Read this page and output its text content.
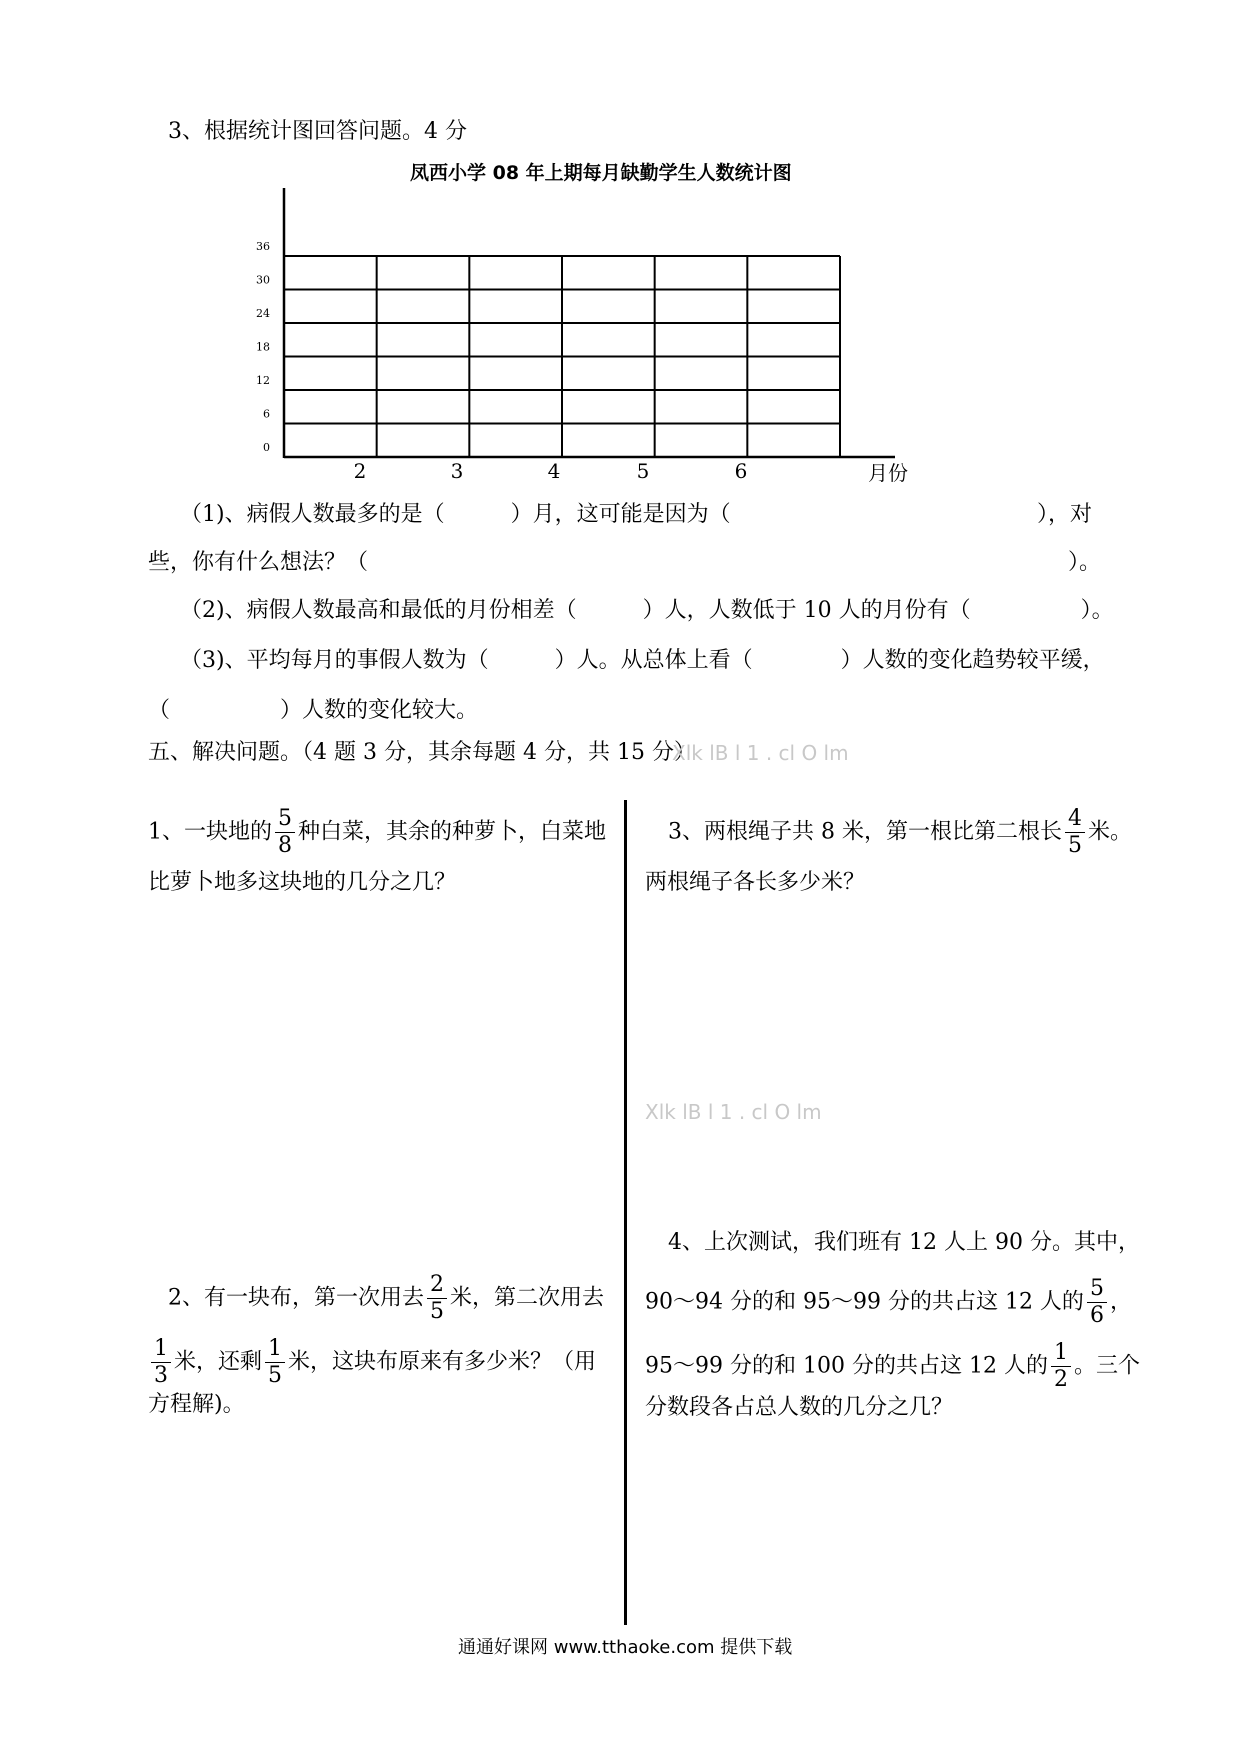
3、根据统计图回答问题。4 分
凤西小学 08 年上期每月缺勤学生人数统计图
0
6
12
18
24
30
36
2	3	4	5	6	月份
（1)、病假人数最多的是（　　　）月，这可能是因为（	），对
些，你有什么想法？（	）。
（2)、病假人数最高和最低的月份相差（　　　）人，人数低于 10 人的月份有（　　　　　）。
（3)、平均每月的事假人数为（　　　）人。从总体上看（　　　　）人数的变化趋势较平缓，
（　　　　　）人数的变化较大。
五、解决问题。（4 题 3 分，其余每题 4 分，共 15 分）
Xlk lB l 1 . cl O lm
1、一块地的 $\frac{5}{8}$ 种白菜，其余的种萝卜，白菜地
比萝卜地多这块地的几分之几？
3、两根绳子共 8 米，第一根比第二根长 $\frac{4}{5}$ 米。
两根绳子各长多少米？
Xlk lB l 1 . cl O lm
4、上次测试，我们班有 12 人上 90 分。其中，
90～94 分的和 95～99 分的共占这 12 人的 $\frac{5}{6}$ ，
95～99 分的和 100 分的共占这 12 人的 $\frac{1}{2}$ 。三个
分数段各占总人数的几分之几？
2、有一块布，第一次用去 $\frac{2}{5}$ 米，第二次用去
$\frac{1}{3}$ 米，还剩 $\frac{1}{5}$ 米，这块布原来有多少米？（用
方程解)。
通通好课网 www.tthaoke.com 提供下载
